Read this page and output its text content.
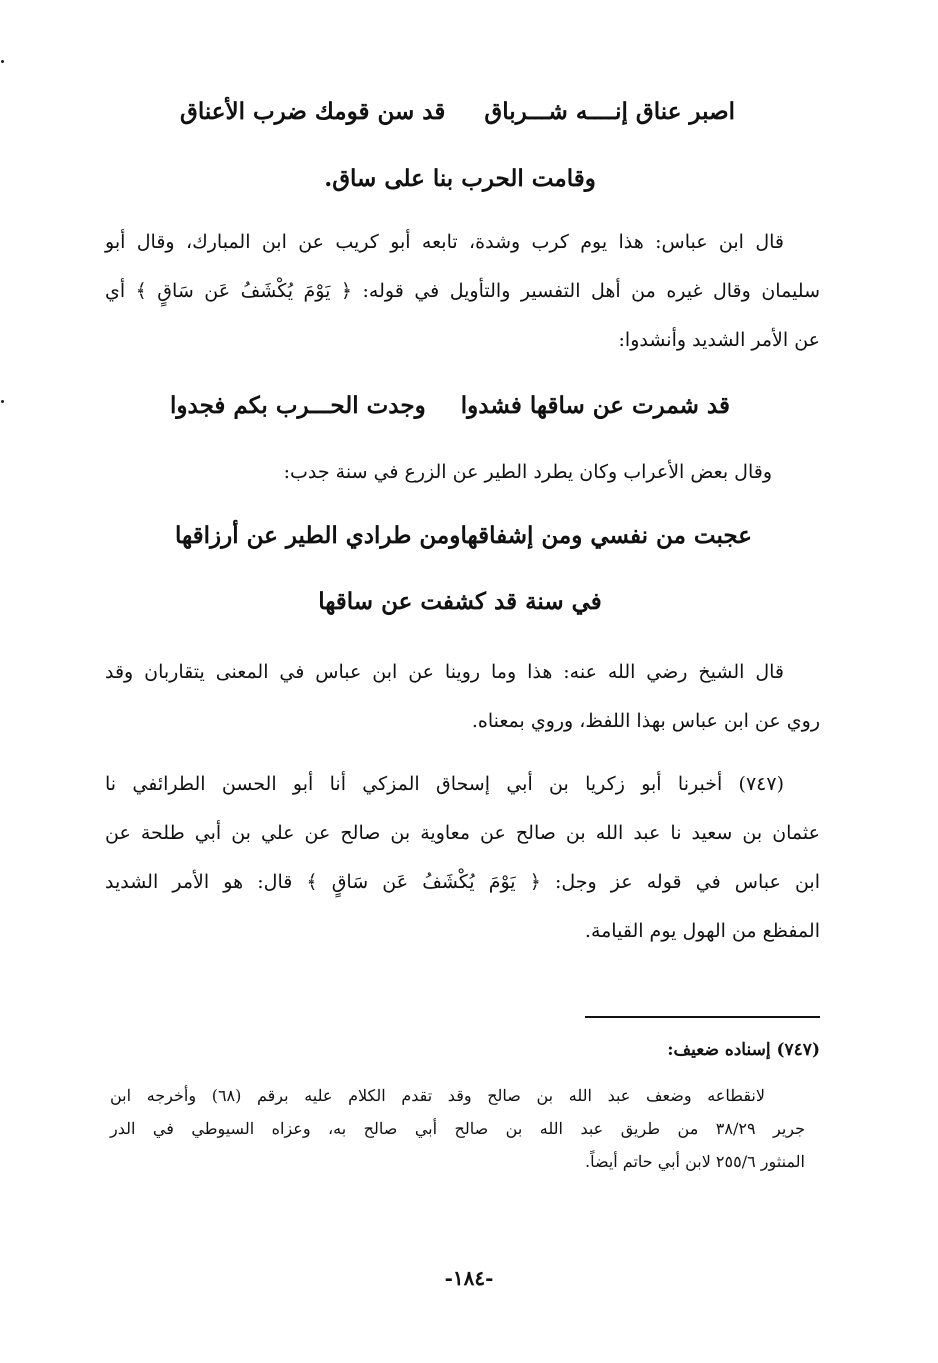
اصبر عناق إنــــه شـــرباق
قد سن قومك ضرب الأعناق
وقامت الحرب بنا على ساق.
قال ابن عباس: هذا يوم كرب وشدة، تابعه أبو كريب عن ابن المبارك، وقال أبو
سليمان وقال غيره من أهل التفسير والتأويل في قوله: ﴿ يَوْمَ يُكْشَفُ عَن سَاقٍ ﴾ أي
عن الأمر الشديد وأنشدوا:
قد شمرت عن ساقها فشدوا
وجدت الحـــرب بكم فجدوا
وقال بعض الأعراب وكان يطرد الطير عن الزرع في سنة جدب:
عجبت من نفسي ومن إشفاقها
ومن طرادي الطير عن أرزاقها
في سنة قد كشفت عن ساقها
قال الشيخ رضي الله عنه: هذا وما روينا عن ابن عباس في المعنى يتقاربان وقد
روي عن ابن عباس بهذا اللفظ، وروي بمعناه.
(٧٤٧) أخبرنا أبو زكريا بن أبي إسحاق المزكي أنا أبو الحسن الطرائفي نا
عثمان بن سعيد نا عبد الله بن صالح عن معاوية بن صالح عن علي بن أبي طلحة عن
ابن عباس في قوله عز وجل: ﴿ يَوْمَ يُكْشَفُ عَن سَاقٍ ﴾ قال: هو الأمر الشديد
المفظع من الهول يوم القيامة.
(٧٤٧) إسناده ضعيف:
لانقطاعه وضعف عبد الله بن صالح وقد تقدم الكلام عليه برقم (٦٨) وأخرجه ابن
جرير ٣٨/٢٩ من طريق عبد الله بن صالح أبي صالح به، وعزاه السيوطي في الدر
المنثور ٢٥٥/٦ لابن أبي حاتم أيضاً.
-١٨٤-
